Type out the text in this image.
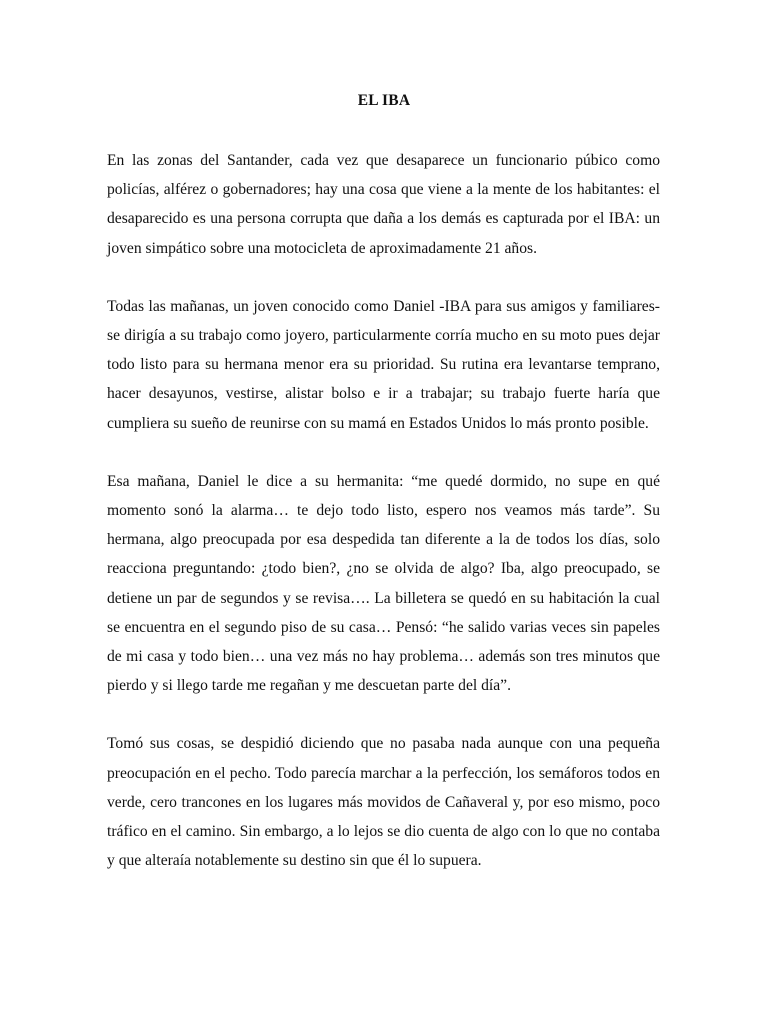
EL IBA

En las zonas del Santander, cada vez que desaparece un funcionario púbico como policías, alférez o gobernadores; hay una cosa que viene a la mente de los habitantes: el desaparecido es una persona corrupta que daña a los demás es capturada por el IBA: un joven simpático sobre una motocicleta de aproximadamente 21 años.

Todas las mañanas, un joven conocido como Daniel -IBA para sus amigos y familiares- se dirigía a su trabajo como joyero, particularmente corría mucho en su moto pues dejar todo listo para su hermana menor era su prioridad. Su rutina era levantarse temprano, hacer desayunos, vestirse, alistar bolso e ir a trabajar; su trabajo fuerte haría que cumpliera su sueño de reunirse con su mamá en Estados Unidos lo más pronto posible.

Esa mañana, Daniel le dice a su hermanita: “me quedé dormido, no supe en qué momento sonó la alarma… te dejo todo listo, espero nos veamos más tarde”. Su hermana, algo preocupada por esa despedida tan diferente a la de todos los días, solo reacciona preguntando: ¿todo bien?, ¿no se olvida de algo? Iba, algo preocupado, se detiene un par de segundos y se revisa…. La billetera se quedó en su habitación la cual se encuentra en el segundo piso de su casa… Pensó: “he salido varias veces sin papeles de mi casa y todo bien… una vez más no hay problema… además son tres minutos que pierdo y si llego tarde me regañan y me descuetan parte del día”.

Tomó sus cosas, se despidió diciendo que no pasaba nada aunque con una pequeña preocupación en el pecho. Todo parecía marchar a la perfección, los semáforos todos en verde, cero trancones en los lugares más movidos de Cañaveral y, por eso mismo, poco tráfico en el camino. Sin embargo, a lo lejos se dio cuenta de algo con lo que no contaba y que alteraía notablemente su destino sin que él lo supuera.
